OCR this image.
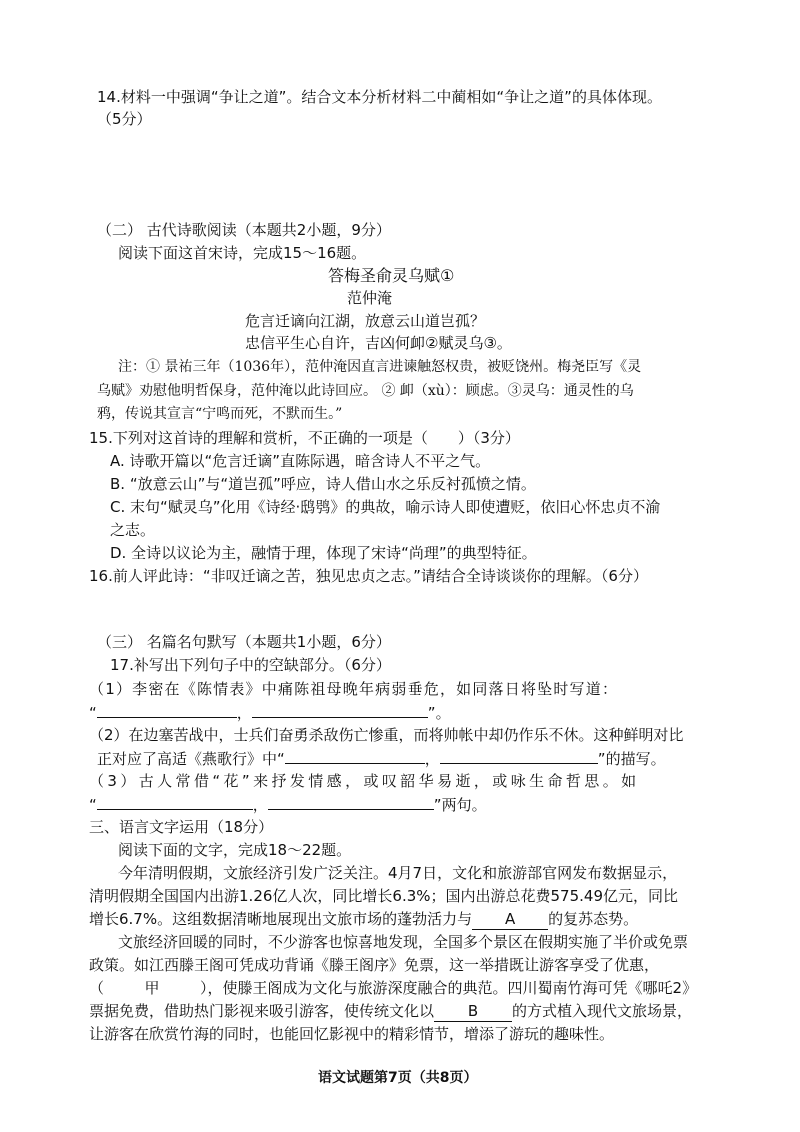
14.材料一中强调“争让之道”。结合文本分析材料二中蔺相如“争让之道”的具体体现。
（5分）
（二） 古代诗歌阅读（本题共2小题，9分）
阅读下面这首宋诗，完成15～16题。
答梅圣俞灵乌赋①
范仲淹
危言迁谪向江湖，放意云山道岂孤？
忠信平生心自许，吉凶何卹②赋灵乌③。
注：① 景祐三年（1036年），范仲淹因直言进谏触怒权贵，被贬饶州。梅尧臣写《灵
乌赋》劝慰他明哲保身，范仲淹以此诗回应。 ② 卹（xù）：顾虑。③灵乌：通灵性的乌
鸦，传说其宣言“宁鸣而死，不默而生。”
15.下列对这首诗的理解和赏析，不正确的一项是（　　）（3分）
A. 诗歌开篇以“危言迁谪”直陈际遇，暗含诗人不平之气。
B. “放意云山”与“道岂孤”呼应，诗人借山水之乐反衬孤愤之情。
C. 末句“赋灵乌”化用《诗经·鸱鸮》的典故，喻示诗人即使遭贬，依旧心怀忠贞不渝
之志。
D. 全诗以议论为主，融情于理，体现了宋诗“尚理”的典型特征。
16.前人评此诗：“非叹迁谪之苦，独见忠贞之志。”请结合全诗谈谈你的理解。（6分）
（三） 名篇名句默写（本题共1小题，6分）
17.补写出下列句子中的空缺部分。（6分）
（1）李密在《陈情表》中痛陈祖母晚年病弱垂危，如同落日将坠时写道：
“	，	”。
（2）在边塞苦战中，士兵们奋勇杀敌伤亡惨重，而将帅帐中却仍作乐不休。这种鲜明对比
正对应了高适《燕歌行》中“	，	”的描写。
（3）古人常借“花”来抒发情感，或叹韶华易逝，或咏生命哲思。如
“	，	”两句。
三、语言文字运用（18分）
阅读下面的文字，完成18～22题。
今年清明假期，文旅经济引发广泛关注。4月7日，文化和旅游部官网发布数据显示，
清明假期全国国内出游1.26亿人次，同比增长6.3%；国内出游总花费575.49亿元，同比
增长6.7%。这组数据清晰地展现出文旅市场的蓬勃活力与 A 的复苏态势。
文旅经济回暖的同时，不少游客也惊喜地发现，全国多个景区在假期实施了半价或免票
政策。如江西滕王阁可凭成功背诵《滕王阁序》免票，这一举措既让游客享受了优惠，
（	甲	），使滕王阁成为文化与旅游深度融合的典范。四川蜀南竹海可凭《哪吒2》
票据免费，借助热门影视来吸引游客，使传统文化以 B 的方式植入现代文旅场景，
让游客在欣赏竹海的同时，也能回忆影视中的精彩情节，增添了游玩的趣味性。
语文试题第7页（共8页）
